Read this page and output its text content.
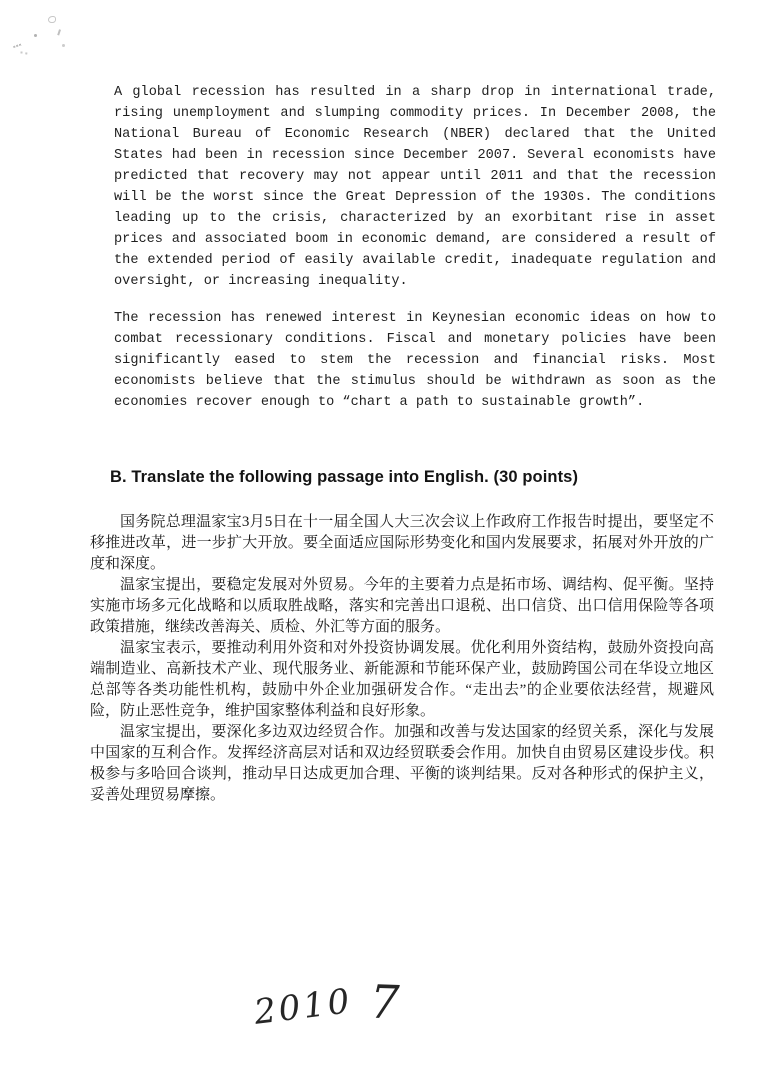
A global recession has resulted in a sharp drop in international trade, rising unemployment and slumping commodity prices. In December 2008, the National Bureau of Economic Research (NBER) declared that the United States had been in recession since December 2007. Several economists have predicted that recovery may not appear until 2011 and that the recession will be the worst since the Great Depression of the 1930s. The conditions leading up to the crisis, characterized by an exorbitant rise in asset prices and associated boom in economic demand, are considered a result of the extended period of easily available credit, inadequate regulation and oversight, or increasing inequality.

The recession has renewed interest in Keynesian economic ideas on how to combat recessionary conditions. Fiscal and monetary policies have been significantly eased to stem the recession and financial risks. Most economists believe that the stimulus should be withdrawn as soon as the economies recover enough to “chart a path to sustainable growth”.

B. Translate the following passage into English. (30 points)

国务院总理温家宝3月5日在十一届全国人大三次会议上作政府工作报告时提出，要坚定不移推进改革，进一步扩大开放。要全面适应国际形势变化和国内发展要求，拓展对外开放的广度和深度。

温家宝提出，要稳定发展对外贸易。今年的主要着力点是拓市场、调结构、促平衡。坚持实施市场多元化战略和以质取胜战略，落实和完善出口退税、出口信贷、出口信用保险等各项政策措施，继续改善海关、质检、外汇等方面的服务。

温家宝表示，要推动利用外资和对外投资协调发展。优化利用外资结构，鼓励外资投向高端制造业、高新技术产业、现代服务业、新能源和节能环保产业，鼓励跨国公司在华设立地区总部等各类功能性机构，鼓励中外企业加强研发合作。“走出去”的企业要依法经营，规避风险，防止恶性竞争，维护国家整体利益和良好形象。

温家宝提出，要深化多边双边经贸合作。加强和改善与发达国家的经贸关系，深化与发展中国家的互利合作。发挥经济高层对话和双边经贸联委会作用。加快自由贸易区建设步伐。积极参与多哈回合谈判，推动早日达成更加合理、平衡的谈判结果。反对各种形式的保护主义，妥善处理贸易摩擦。

2010 7
